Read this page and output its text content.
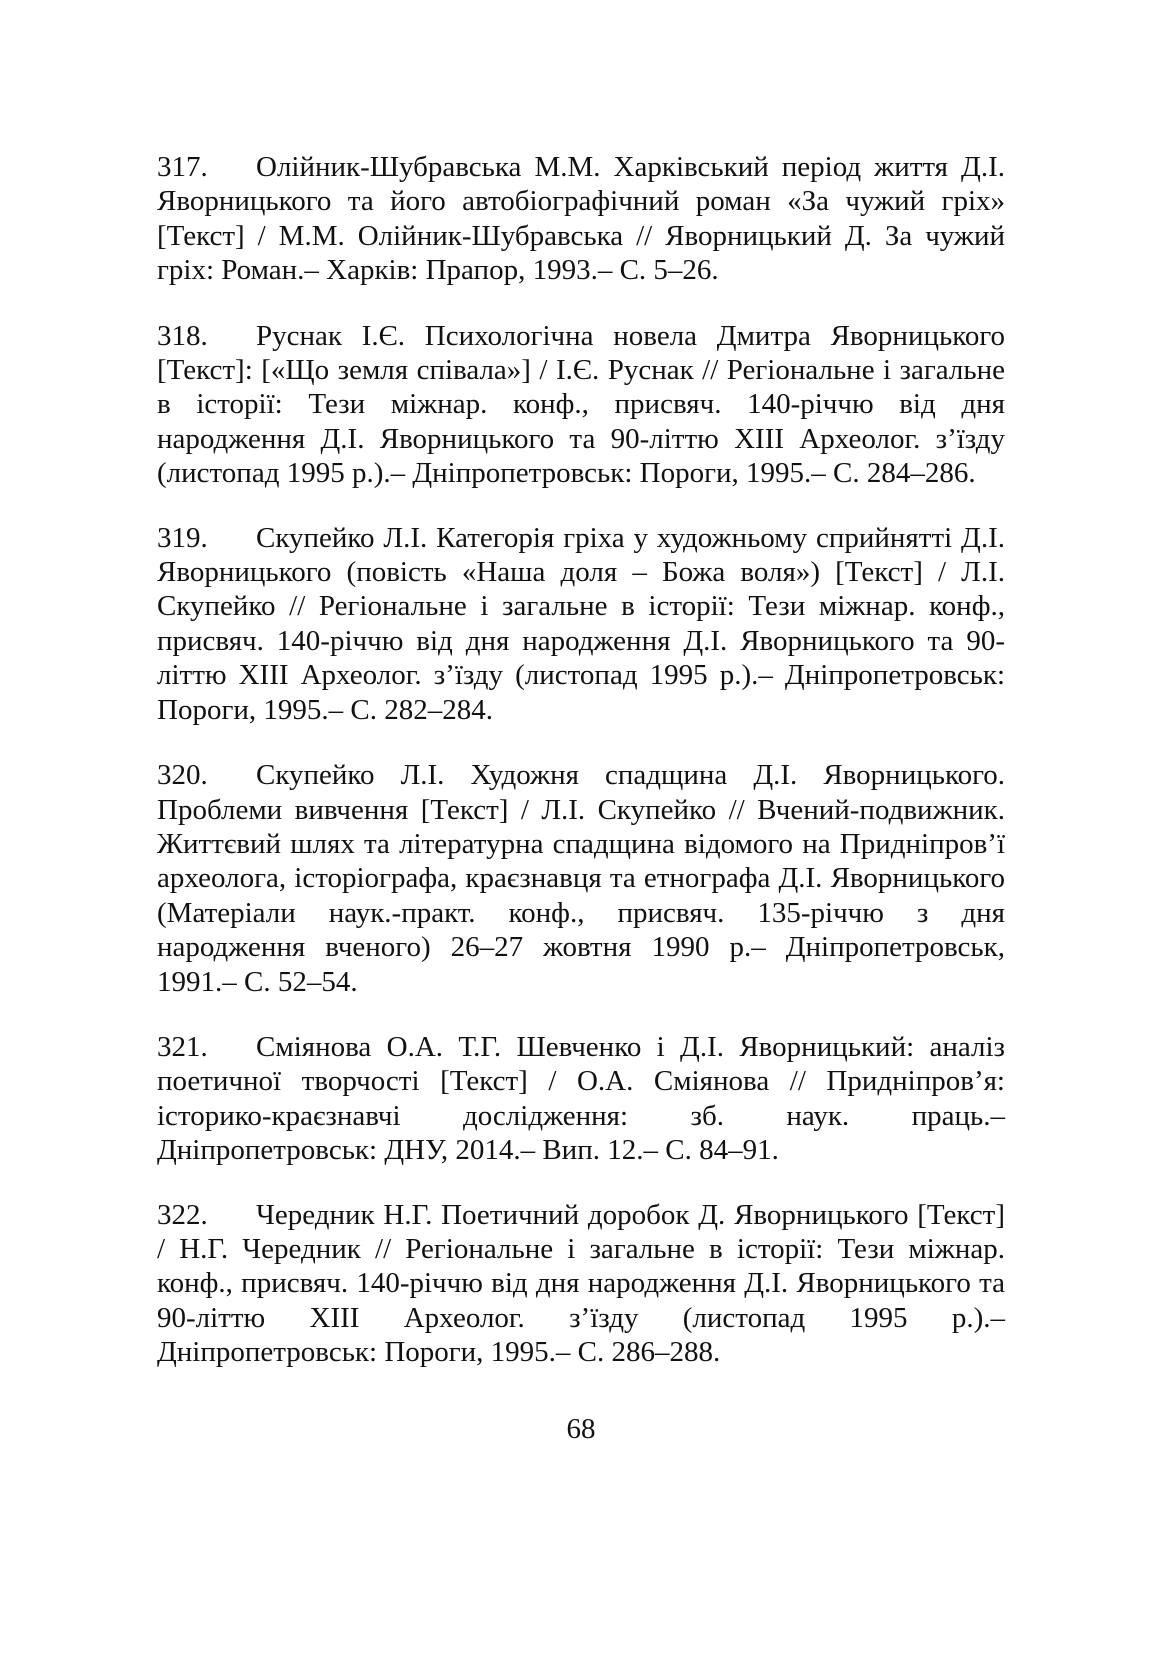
317. Олійник-Шубравська М.М. Харківський період життя Д.І. Яворницького та його автобіографічний роман «За чужий гріх» [Текст] / М.М. Олійник-Шубравська // Яворницький Д. За чужий гріх: Роман.– Харків: Прапор, 1993.– С. 5–26.

318. Руснак І.Є. Психологічна новела Дмитра Яворницького [Текст]: [«Що земля співала»] / І.Є. Руснак // Регіональне і загальне в історії: Тези міжнар. конф., присвяч. 140-річчю від дня народження Д.І. Яворницького та 90-літтю XIII Археолог. з’їзду (листопад 1995 р.).– Дніпропетровськ: Пороги, 1995.– С. 284–286.

319. Скупейко Л.І. Категорія гріха у художньому сприйнятті Д.І. Яворницького (повість «Наша доля – Божа воля») [Текст] / Л.І. Скупейко // Регіональне і загальне в історії: Тези міжнар. конф., присвяч. 140-річчю від дня народження Д.І. Яворницького та 90-літтю XIII Археолог. з’їзду (листопад 1995 р.).– Дніпропетровськ: Пороги, 1995.– С. 282–284.

320. Скупейко Л.І. Художня спадщина Д.І. Яворницького. Проблеми вивчення [Текст] / Л.І. Скупейко // Вчений-подвижник. Життєвий шлях та літературна спадщина відомого на Придніпров’ї археолога, історіографа, краєзнавця та етнографа Д.І. Яворницького (Матеріали наук.-практ. конф., присвяч. 135-річчю з дня народження вченого) 26–27 жовтня 1990 р.– Дніпропетровськ, 1991.– С. 52–54.

321. Сміянова О.А. Т.Г. Шевченко і Д.І. Яворницький: аналіз поетичної творчості [Текст] / О.А. Сміянова // Придніпров’я: історико-краєзнавчі дослідження: зб. наук. праць.– Дніпропетровськ: ДНУ, 2014.– Вип. 12.– С. 84–91.

322. Чередник Н.Г. Поетичний доробок Д. Яворницького [Текст] / Н.Г. Чередник // Регіональне і загальне в історії: Тези міжнар. конф., присвяч. 140-річчю від дня народження Д.І. Яворницького та 90-літтю XIII Археолог. з’їзду (листопад 1995 р.).– Дніпропетровськ: Пороги, 1995.– С. 286–288.

68
